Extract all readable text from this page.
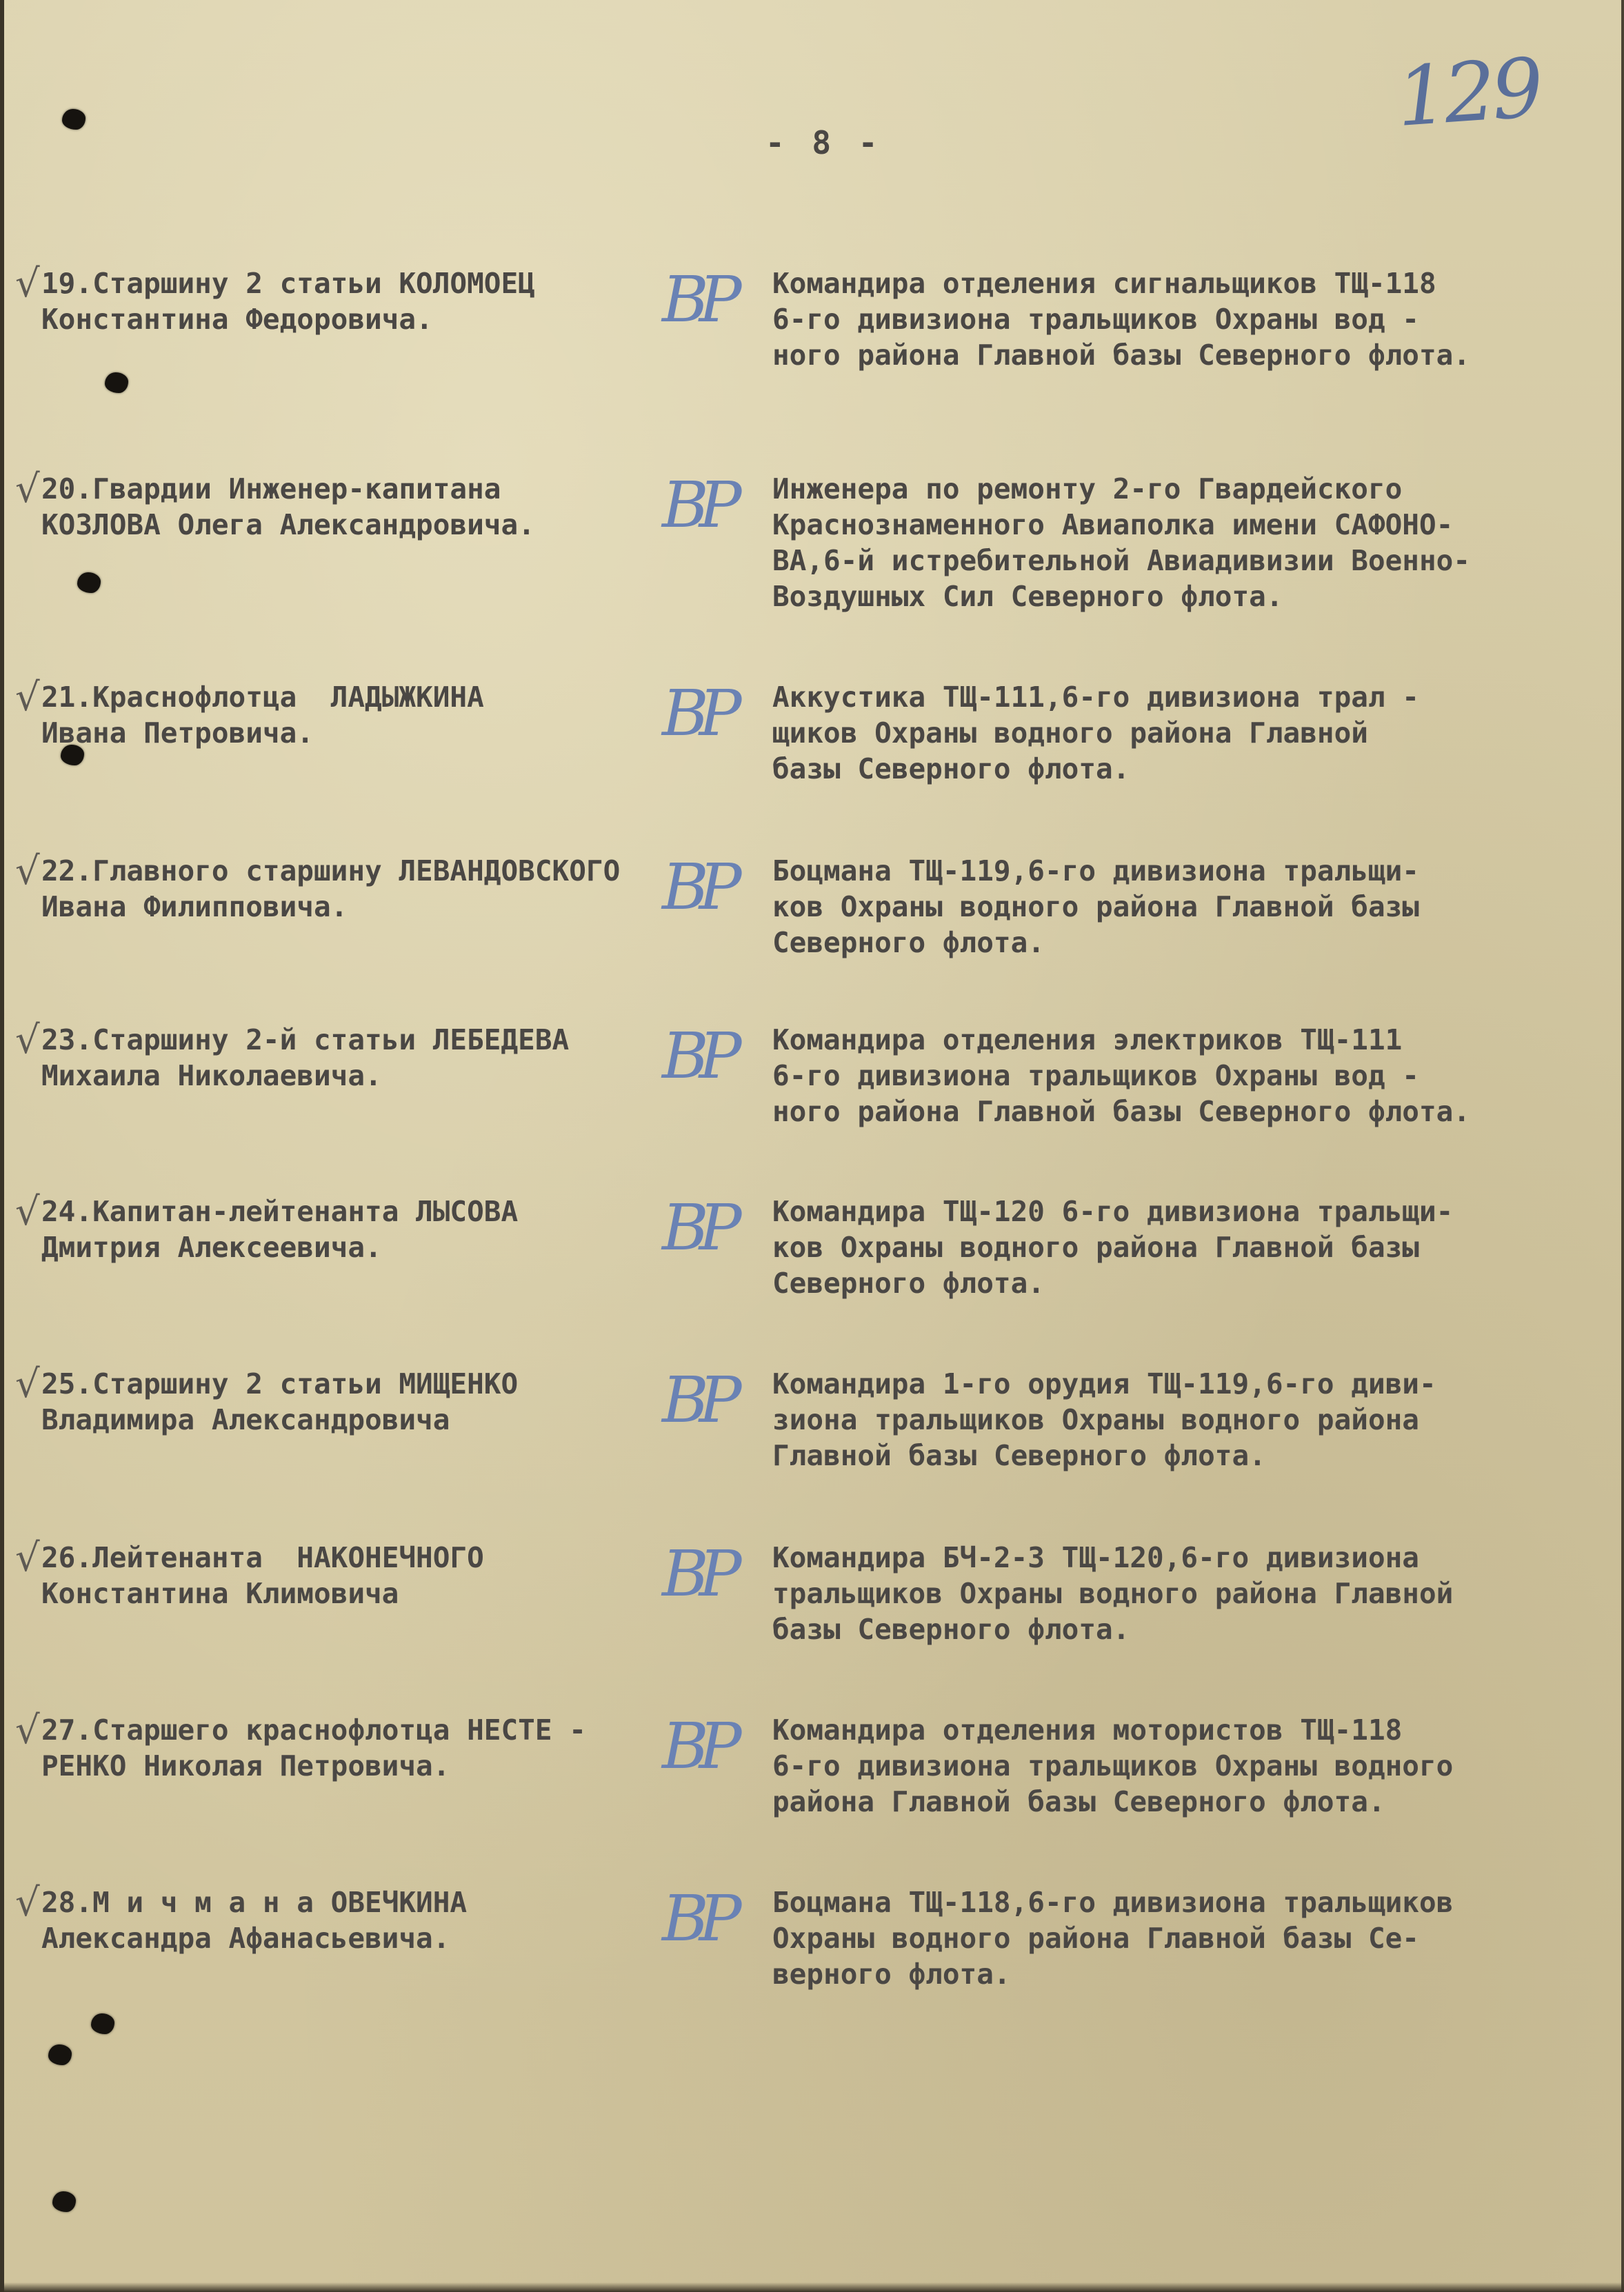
- 8 -	129
√ 19.Старшину 2 статьи КОЛОМОЕЦ
Константина Федоровича.	ВР	Командира отделения сигнальщиков ТЩ-118
6-го дивизиона тральщиков Охраны вод -
ного района Главной базы Северного флота.
√ 20.Гвардии Инженер-капитана
КОЗЛОВА Олега Александровича.	ВР	Инженера по ремонту 2-го Гвардейского
Краснознаменного Авиаполка имени САФОНО-
ВА,6-й истребительной Авиадивизии Военно-
Воздушных Сил Северного флота.
√ 21.Краснофлотца  ЛАДЫЖКИНА
Ивана Петровича.	ВР	Аккустика ТЩ-111,6-го дивизиона трал -
щиков Охраны водного района Главной
базы Северного флота.
√ 22.Главного старшину ЛЕВАНДОВСКОГО
Ивана Филипповича.	ВР	Боцмана ТЩ-119,6-го дивизиона тральщи-
ков Охраны водного района Главной базы
Северного флота.
√ 23.Старшину 2-й статьи ЛЕБЕДЕВА
Михаила Николаевича.	ВР	Командира отделения электриков ТЩ-111
6-го дивизиона тральщиков Охраны вод -
ного района Главной базы Северного флота.
√ 24.Капитан-лейтенанта ЛЫСОВА
Дмитрия Алексеевича.	ВР	Командира ТЩ-120 6-го дивизиона тральщи-
ков Охраны водного района Главной базы
Северного флота.
√ 25.Старшину 2 статьи МИЩЕНКО
Владимира Александровича	ВР	Командира 1-го орудия ТЩ-119,6-го диви-
зиона тральщиков Охраны водного района
Главной базы Северного флота.
√ 26.Лейтенанта  НАКОНЕЧНОГО
Константина Климовича	ВР	Командира БЧ-2-3 ТЩ-120,6-го дивизиона
тральщиков Охраны водного района Главной
базы Северного флота.
√ 27.Старшего краснофлотца НЕСТЕ -
РЕНКО Николая Петровича.	ВР	Командира отделения мотористов ТЩ-118
6-го дивизиона тральщиков Охраны водного
района Главной базы Северного флота.
√ 28.М и ч м а н а ОВЕЧКИНА
Александра Афанасьевича.	ВР	Боцмана ТЩ-118,6-го дивизиона тральщиков
Охраны водного района Главной базы Се-
верного флота.
